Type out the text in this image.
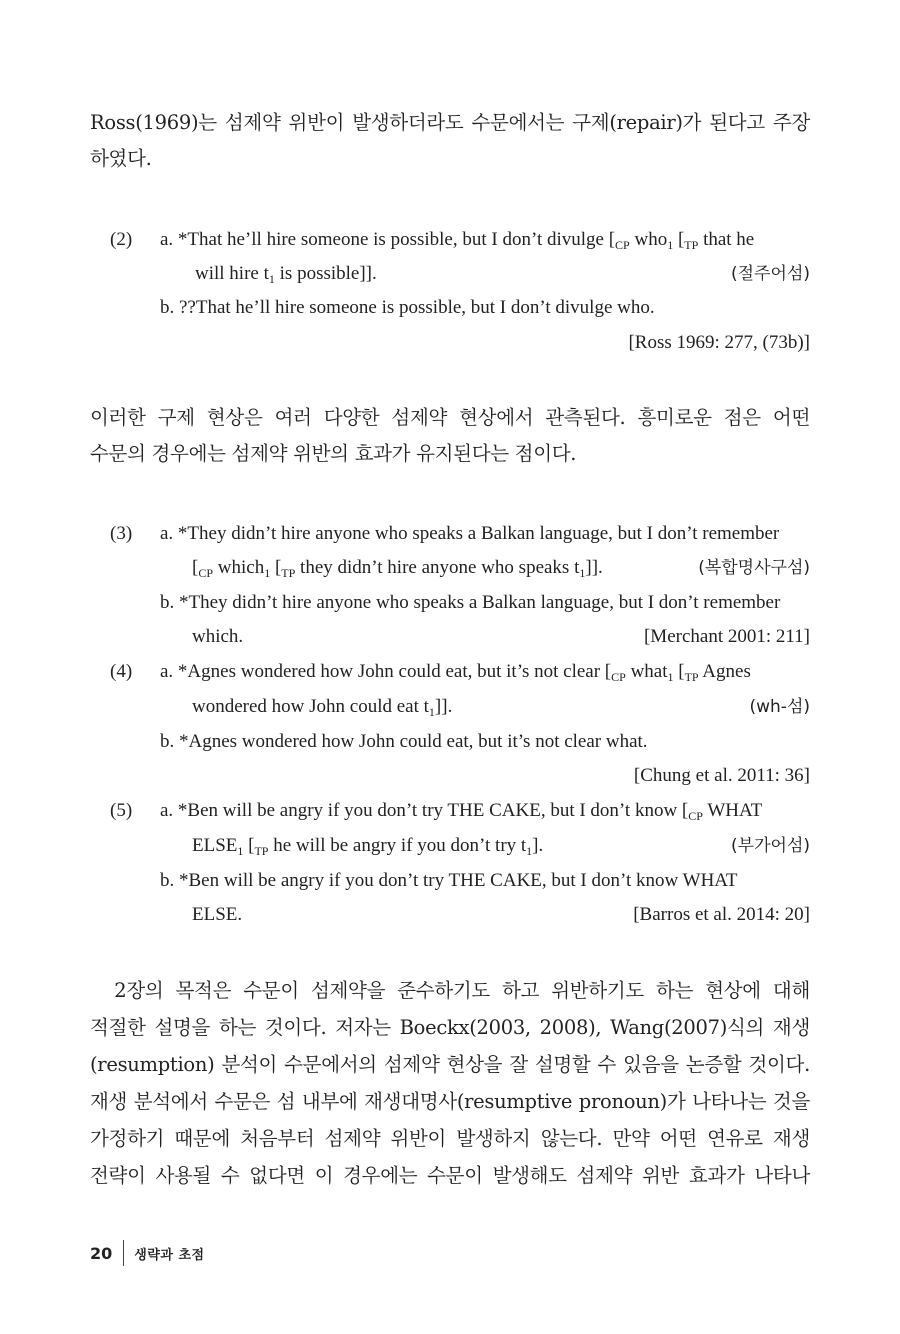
Ross(1969)는 섬제약 위반이 발생하더라도 수문에서는 구제(repair)가 된다고 주장
하였다.
(2) a. *That he’ll hire someone is possible, but I don’t divulge [$_{CP}$ who$_1$ [$_{TP}$ that he
will hire $t_1$ is possible]].	(절주어섬)
b. ??That he’ll hire someone is possible, but I don’t divulge who.
[Ross 1969: 277, (73b)]
이러한 구제 현상은 여러 다양한 섬제약 현상에서 관측된다. 흥미로운 점은 어떤
수문의 경우에는 섬제약 위반의 효과가 유지된다는 점이다.
(3) a. *They didn’t hire anyone who speaks a Balkan language, but I don’t remember
[$_{CP}$ which$_1$ [$_{TP}$ they didn’t hire anyone who speaks $t_1$]].	(복합명사구섬)
b. *They didn’t hire anyone who speaks a Balkan language, but I don’t remember
which.	[Merchant 2001: 211]
(4) a. *Agnes wondered how John could eat, but it’s not clear [$_{CP}$ what$_1$ [$_{TP}$ Agnes
wondered how John could eat $t_1$]].	(wh-섬)
b. *Agnes wondered how John could eat, but it’s not clear what.
[Chung et al. 2011: 36]
(5) a. *Ben will be angry if you don’t try THE CAKE, but I don’t know [$_{CP}$ WHAT
$ELSE_1$ [$_{TP}$ he will be angry if you don’t try $t_1$].	(부가어섬)
b. *Ben will be angry if you don’t try THE CAKE, but I don’t know WHAT
ELSE.	[Barros et al. 2014: 20]
2장의 목적은 수문이 섬제약을 준수하기도 하고 위반하기도 하는 현상에 대해
적절한 설명을 하는 것이다. 저자는 Boeckx(2003, 2008), Wang(2007)식의 재생
(resumption) 분석이 수문에서의 섬제약 현상을 잘 설명할 수 있음을 논증할 것이다.
재생 분석에서 수문은 섬 내부에 재생대명사(resumptive pronoun)가 나타나는 것을
가정하기 때문에 처음부터 섬제약 위반이 발생하지 않는다. 만약 어떤 연유로 재생
전략이 사용될 수 없다면 이 경우에는 수문이 발생해도 섬제약 위반 효과가 나타나
20 생략과 초점
